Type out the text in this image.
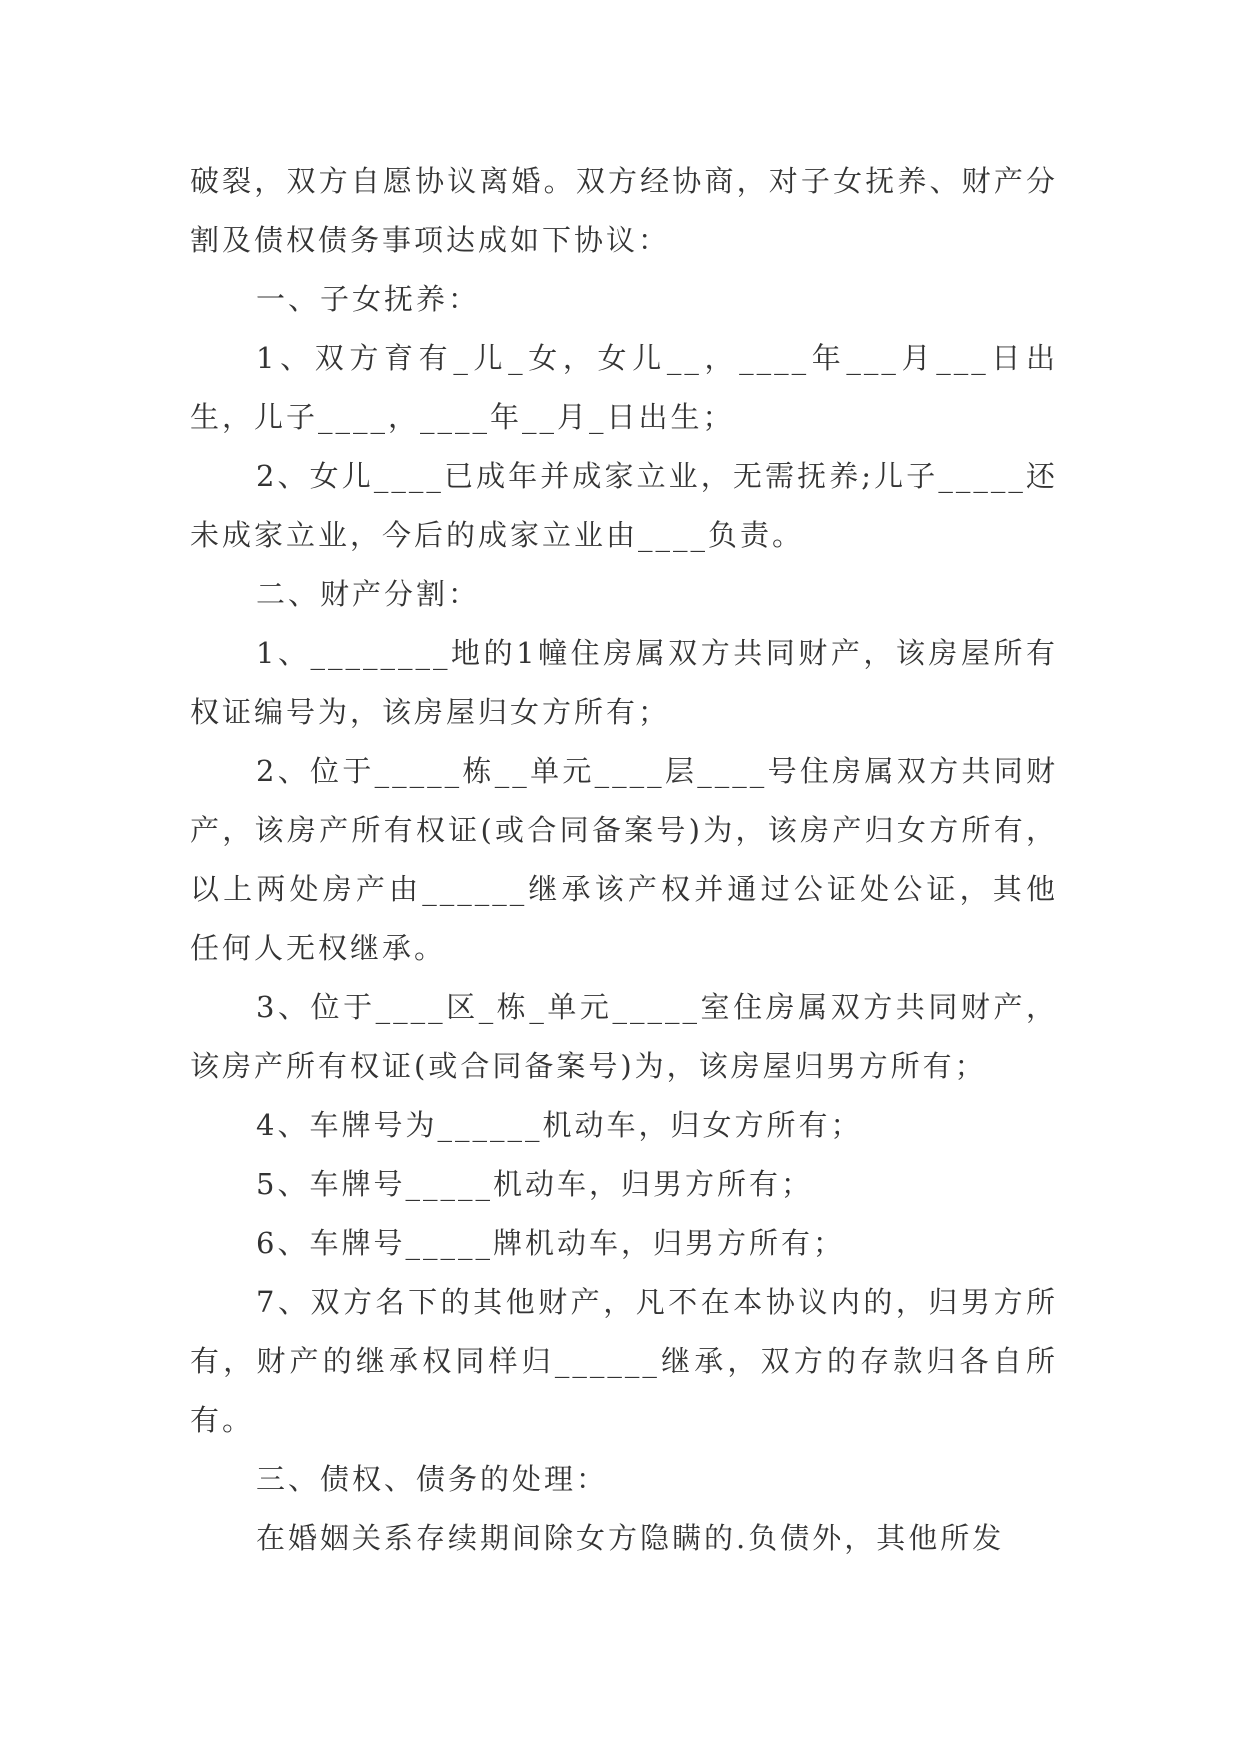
破裂，双方自愿协议离婚。双方经协商，对子女抚养、财产分割及债权债务事项达成如下协议：

一、子女抚养：

1、双方育有_儿_女，女儿__，____年___月___日出生，儿子____，____年__月_日出生；

2、女儿____已成年并成家立业，无需抚养;儿子_____还未成家立业，今后的成家立业由____负责。

二、财产分割：

1、________地的1幢住房属双方共同财产，该房屋所有权证编号为，该房屋归女方所有；

2、位于_____栋__单元____层____号住房属双方共同财产，该房产所有权证(或合同备案号)为，该房产归女方所有，以上两处房产由______继承该产权并通过公证处公证，其他任何人无权继承。

3、位于____区_栋_单元_____室住房属双方共同财产，该房产所有权证(或合同备案号)为，该房屋归男方所有；

4、车牌号为______机动车，归女方所有；

5、车牌号_____机动车，归男方所有；

6、车牌号_____牌机动车，归男方所有；

7、双方名下的其他财产，凡不在本协议内的，归男方所有，财产的继承权同样归______继承，双方的存款归各自所有。

三、债权、债务的处理：

在婚姻关系存续期间除女方隐瞒的.负债外，其他所发
